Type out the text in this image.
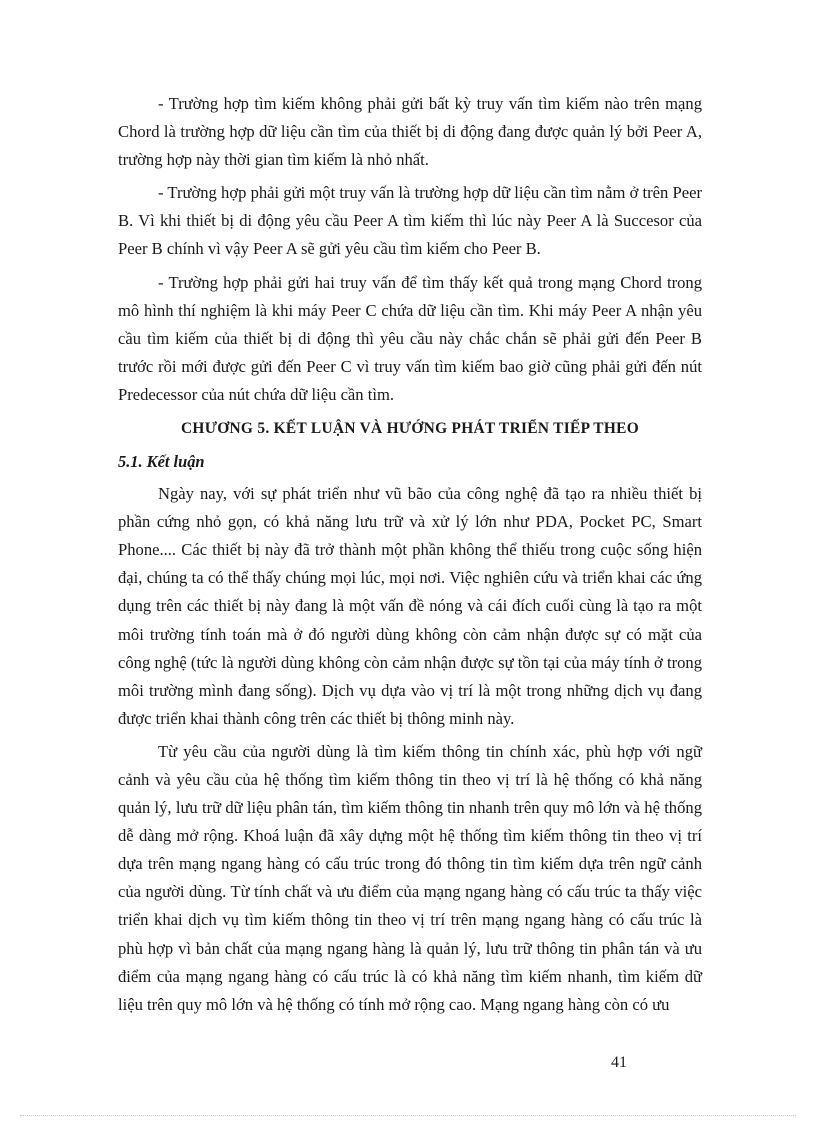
- Trường hợp tìm kiếm không phải gửi bất kỳ truy vấn tìm kiếm nào trên mạng Chord là trường hợp dữ liệu cần tìm của thiết bị di động đang được quản lý bởi Peer A, trường hợp này thời gian tìm kiếm là nhỏ nhất.

- Trường hợp phải gửi một truy vấn là trường hợp dữ liệu cần tìm nằm ở trên Peer B. Vì khi thiết bị di động yêu cầu Peer A tìm kiếm thì lúc này Peer A là Succesor của Peer B chính vì vậy Peer A sẽ gửi yêu cầu tìm kiếm cho Peer B.

- Trường hợp phải gửi hai truy vấn để tìm thấy kết quả trong mạng Chord trong mô hình thí nghiệm là khi máy Peer C chứa dữ liệu cần tìm. Khi máy Peer A nhận yêu cầu tìm kiếm của thiết bị di động thì yêu cầu này chắc chắn sẽ phải gửi đến Peer B trước rồi mới được gửi đến Peer C vì truy vấn tìm kiếm bao giờ cũng phải gửi đến nút Predecessor của nút chứa dữ liệu cần tìm.

CHƯƠNG 5. KẾT LUẬN VÀ HƯỚNG PHÁT TRIỂN TIẾP THEO
5.1. Kết luận

Ngày nay, với sự phát triển như vũ bão của công nghệ đã tạo ra nhiều thiết bị phần cứng nhỏ gọn, có khả năng lưu trữ và xử lý lớn như PDA, Pocket PC, Smart Phone.... Các thiết bị này đã trở thành một phần không thể thiếu trong cuộc sống hiện đại, chúng ta có thể thấy chúng mọi lúc, mọi nơi. Việc nghiên cứu và triển khai các ứng dụng trên các thiết bị này đang là một vấn đề nóng và cái đích cuối cùng là tạo ra một môi trường tính toán mà ở đó người dùng không còn cảm nhận được sự có mặt của công nghệ (tức là người dùng không còn cảm nhận được sự tồn tại của máy tính ở trong môi trường mình đang sống). Dịch vụ dựa vào vị trí là một trong những dịch vụ đang được triển khai thành công trên các thiết bị thông minh này.

Từ yêu cầu của người dùng là tìm kiếm thông tin chính xác, phù hợp với ngữ cảnh và yêu cầu của hệ thống tìm kiếm thông tin theo vị trí là hệ thống có khả năng quản lý, lưu trữ dữ liệu phân tán, tìm kiếm thông tin nhanh trên quy mô lớn và hệ thống dễ dàng mở rộng. Khoá luận đã xây dựng một hệ thống tìm kiếm thông tin theo vị trí dựa trên mạng ngang hàng có cấu trúc trong đó thông tin tìm kiếm dựa trên ngữ cảnh của người dùng. Từ tính chất và ưu điểm của mạng ngang hàng có cấu trúc ta thấy việc triển khai dịch vụ tìm kiếm thông tin theo vị trí trên mạng ngang hàng có cấu trúc là phù hợp vì bản chất của mạng ngang hàng là quản lý, lưu trữ thông tin phân tán và ưu điểm của mạng ngang hàng có cấu trúc là có khả năng tìm kiếm nhanh, tìm kiếm dữ liệu trên quy mô lớn và hệ thống có tính mở rộng cao. Mạng ngang hàng còn có ưu

41
